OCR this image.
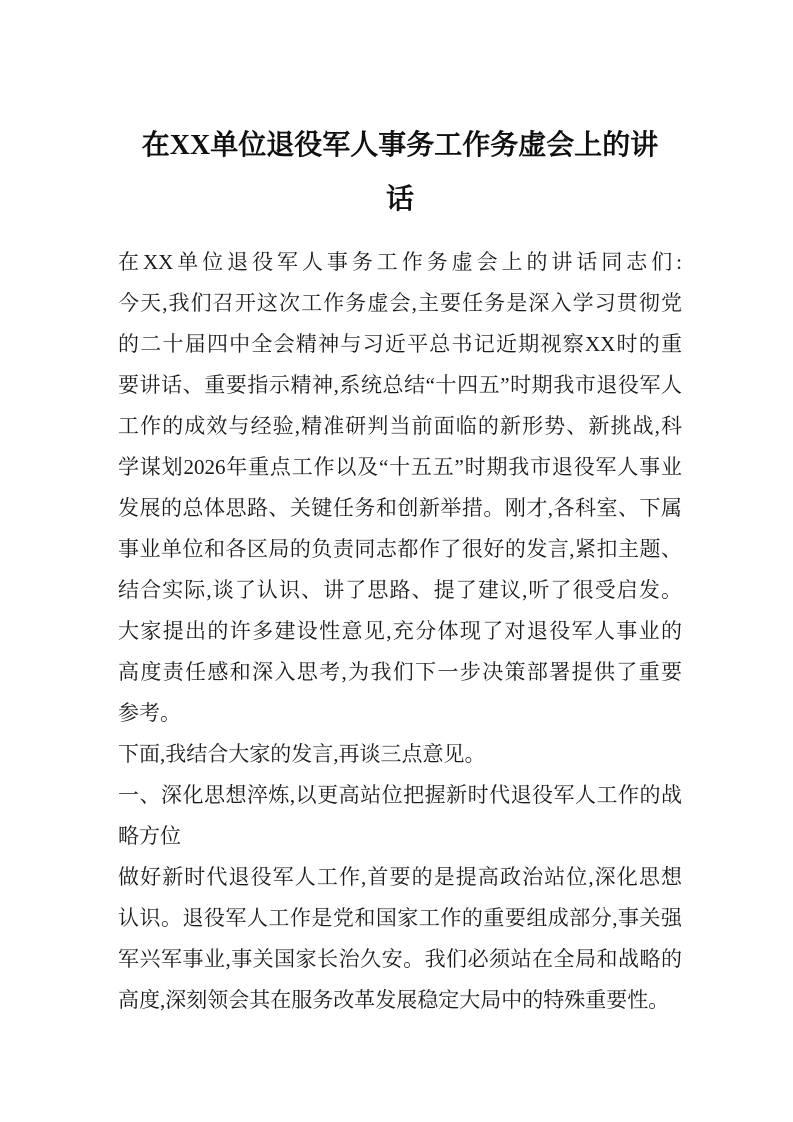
在XX单位退役军人事务工作务虚会上的讲
话
在XX单位退役军人事务工作务虚会上的讲话同志们:
今天,我们召开这次工作务虚会,主要任务是深入学习贯彻党
的二十届四中全会精神与习近平总书记近期视察XX时的重
要讲话、重要指示精神,系统总结“十四五”时期我市退役军人
工作的成效与经验,精准研判当前面临的新形势、新挑战,科
学谋划2026年重点工作以及“十五五”时期我市退役军人事业
发展的总体思路、关键任务和创新举措。刚才,各科室、下属
事业单位和各区局的负责同志都作了很好的发言,紧扣主题、
结合实际,谈了认识、讲了思路、提了建议,听了很受启发。
大家提出的许多建设性意见,充分体现了对退役军人事业的
高度责任感和深入思考,为我们下一步决策部署提供了重要
参考。
下面,我结合大家的发言,再谈三点意见。
一、深化思想淬炼,以更高站位把握新时代退役军人工作的战
略方位
做好新时代退役军人工作,首要的是提高政治站位,深化思想
认识。退役军人工作是党和国家工作的重要组成部分,事关强
军兴军事业,事关国家长治久安。我们必须站在全局和战略的
高度,深刻领会其在服务改革发展稳定大局中的特殊重要性。
